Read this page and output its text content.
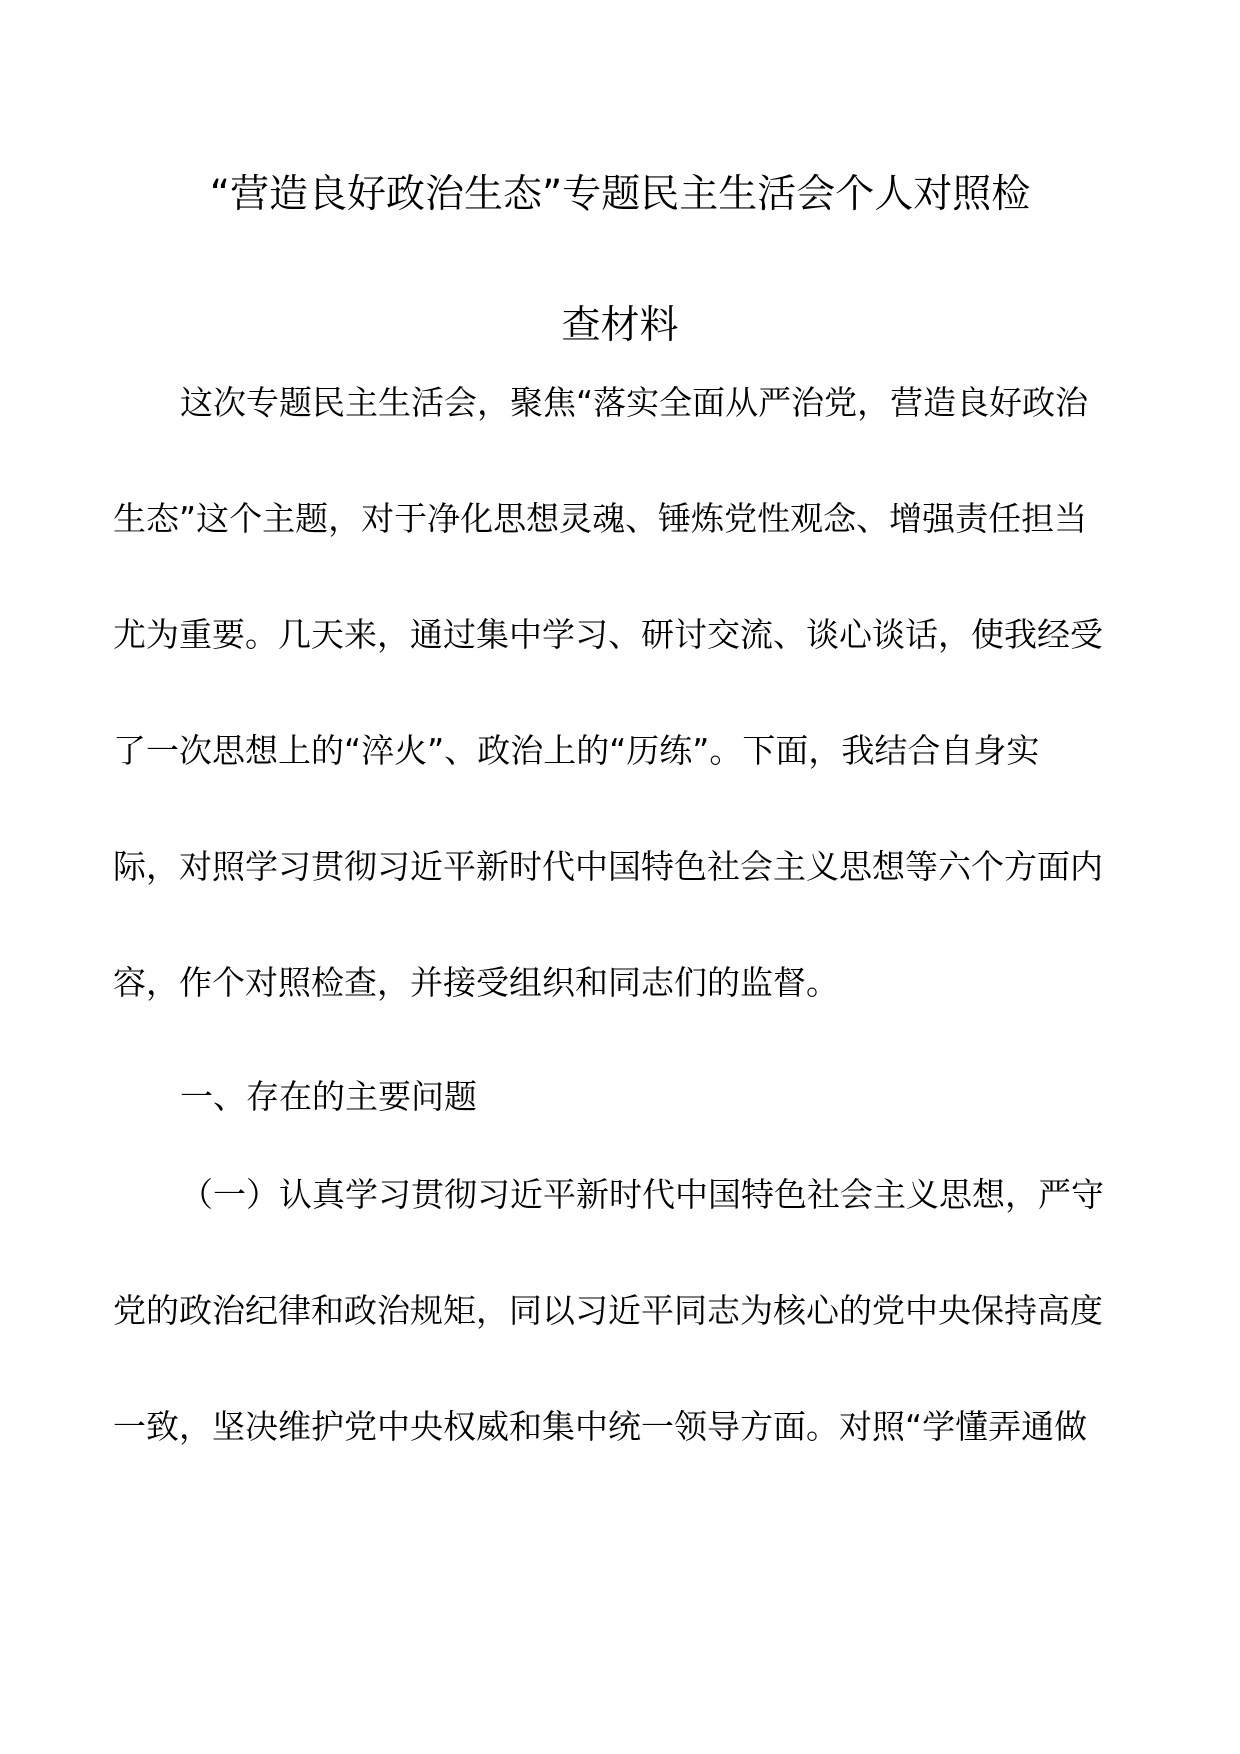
“营造良好政治生态”专题民主生活会个人对照检
查材料
这次专题民主生活会，聚焦“落实全面从严治党，营造良好政治
生态”这个主题，对于净化思想灵魂、锤炼党性观念、增强责任担当
尤为重要。几天来，通过集中学习、研讨交流、谈心谈话，使我经受
了一次思想上的“淬火”、政治上的“历练”。下面，我结合自身实
际，对照学习贯彻习近平新时代中国特色社会主义思想等六个方面内
容，作个对照检查，并接受组织和同志们的监督。
一、存在的主要问题
（一）认真学习贯彻习近平新时代中国特色社会主义思想，严守
党的政治纪律和政治规矩，同以习近平同志为核心的党中央保持高度
一致，坚决维护党中央权威和集中统一领导方面。对照“学懂弄通做
